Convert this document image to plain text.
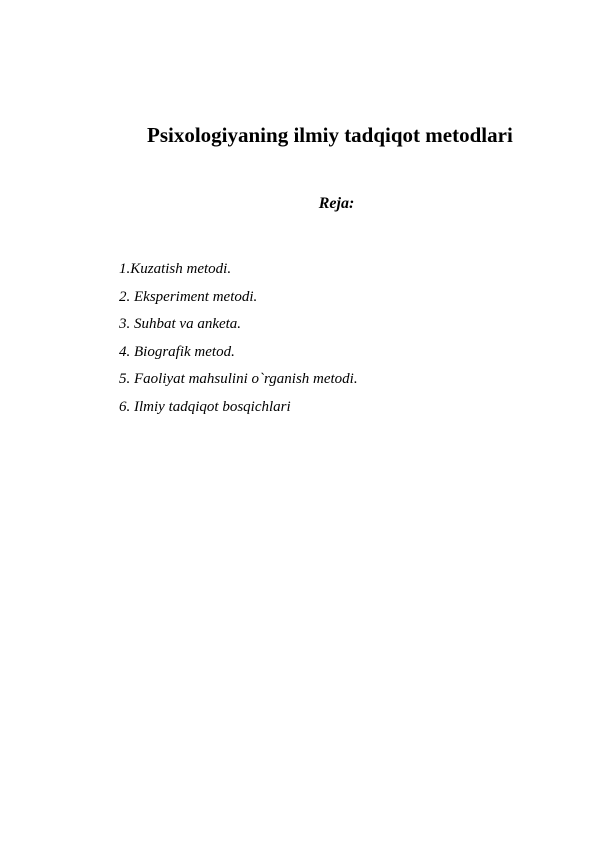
Psixologiyaning ilmiy tadqiqot metodlari
Reja:
1.Kuzatish metodi.
2. Eksperiment metodi.
3. Suhbat va anketa.
4. Biografik metod.
5. Faoliyat mahsulini o`rganish metodi.
6. Ilmiy tadqiqot bosqichlari
